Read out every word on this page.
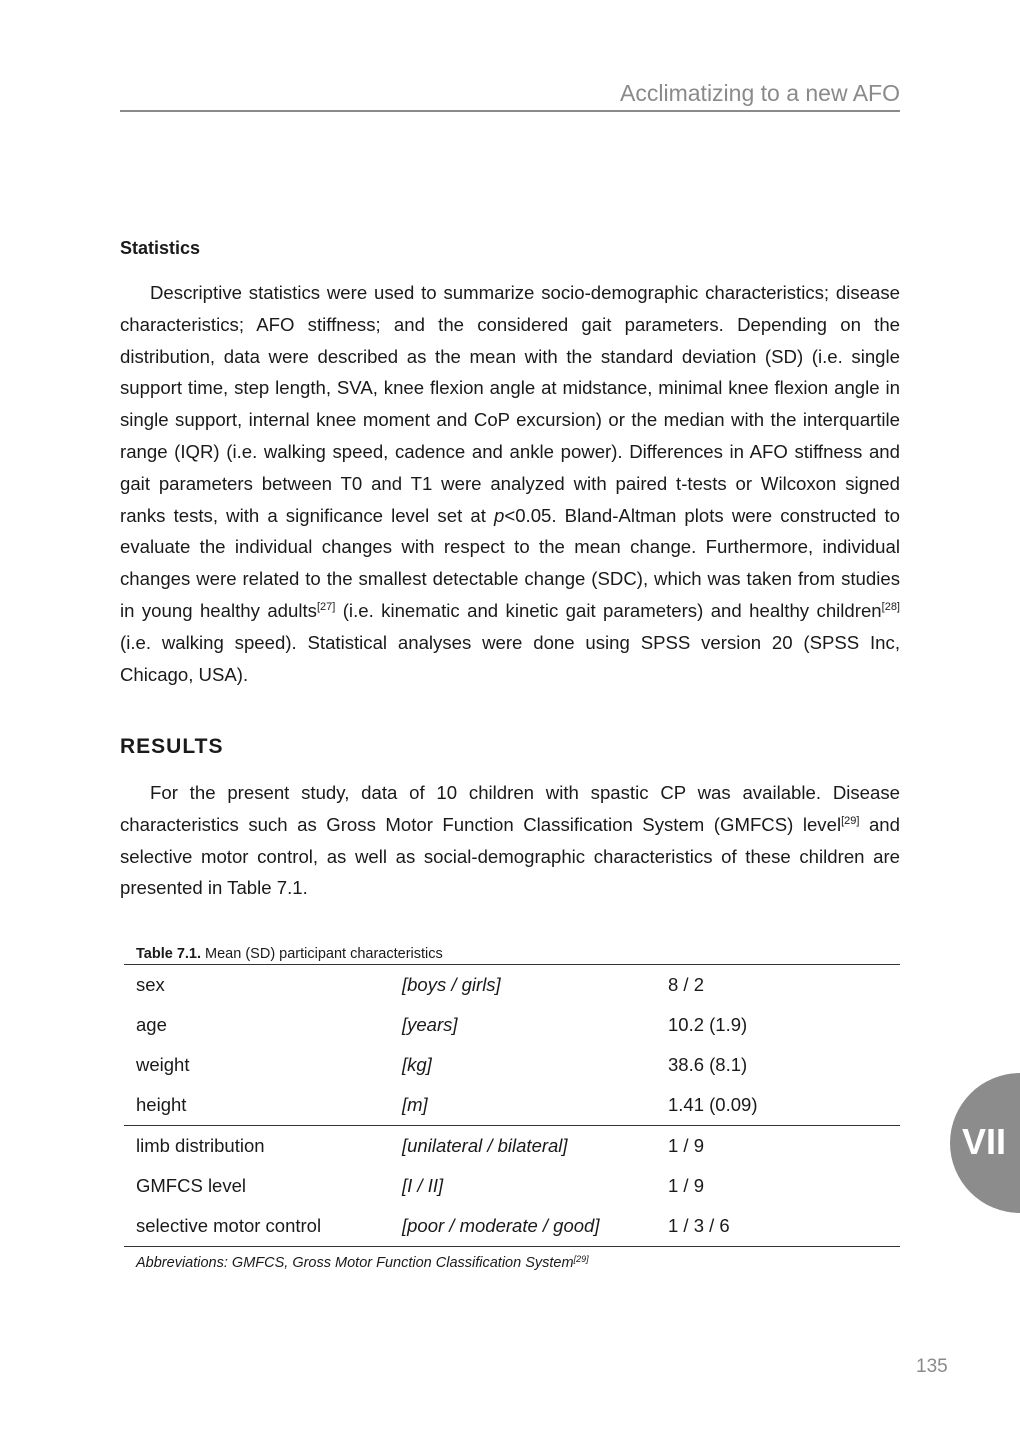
Acclimatizing to a new AFO
Statistics

Descriptive statistics were used to summarize socio-demographic characteristics; disease characteristics; AFO stiffness; and the considered gait parameters. Depending on the distribution, data were described as the mean with the standard deviation (SD) (i.e. single support time, step length, SVA, knee flexion angle at midstance, minimal knee flexion angle in single support, internal knee moment and CoP excursion) or the median with the interquartile range (IQR) (i.e. walking speed, cadence and ankle power). Differences in AFO stiffness and gait parameters between T0 and T1 were analyzed with paired t-tests or Wilcoxon signed ranks tests, with a significance level set at p<0.05. Bland-Altman plots were constructed to evaluate the individual changes with respect to the mean change. Furthermore, individual changes were related to the smallest detectable change (SDC), which was taken from studies in young healthy adults[27] (i.e. kinematic and kinetic gait parameters) and healthy children[28] (i.e. walking speed). Statistical analyses were done using SPSS version 20 (SPSS Inc, Chicago, USA).

RESULTS

For the present study, data of 10 children with spastic CP was available. Disease characteristics such as Gross Motor Function Classification System (GMFCS) level[29] and selective motor control, as well as social-demographic characteristics of these children are presented in Table 7.1.

Table 7.1. Mean (SD) participant characteristics
sex	[boys / girls]	8 / 2
age	[years]	10.2 (1.9)
weight	[kg]	38.6 (8.1)
height	[m]	1.41 (0.09)
limb distribution	[unilateral / bilateral]	1 / 9
GMFCS level	[I / II]	1 / 9
selective motor control	[poor / moderate / good]	1 / 3 / 6
Abbreviations: GMFCS, Gross Motor Function Classification System[29]
VII
135
